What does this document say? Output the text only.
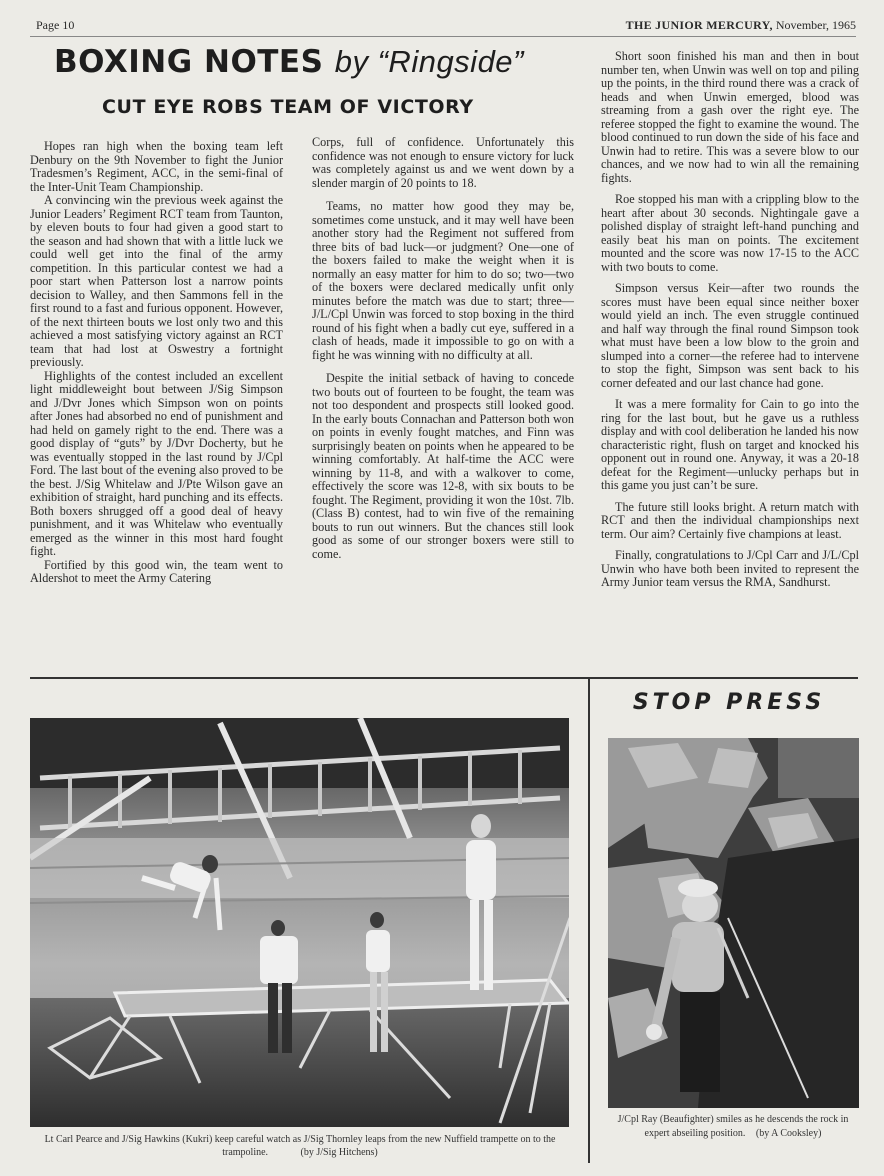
Page 10	THE JUNIOR MERCURY, November, 1965
BOXING NOTES by “Ringside”
CUT EYE ROBS TEAM OF VICTORY

Hopes ran high when the boxing team left Denbury on the 9th November to fight the Junior Tradesmen’s Regiment, ACC, in the semi-final of the Inter-Unit Team Championship.

A convincing win the previous week against the Junior Leaders’ Regiment RCT team from Taunton, by eleven bouts to four had given a good start to the season and had shown that with a little luck we could well get into the final of the army competition. In this particular contest we had a poor start when Patterson lost a narrow points decision to Walley, and then Sammons fell in the first round to a fast and furious opponent. However, of the next thirteen bouts we lost only two and this achieved a most satisfying victory against an RCT team that had lost at Oswestry a fortnight previously.

Highlights of the contest included an excellent light middleweight bout between J/Sig Simpson and J/Dvr Jones which Simpson won on points after Jones had absorbed no end of punishment and had held on gamely right to the end. There was a good display of “guts” by J/Dvr Docherty, but he was eventually stopped in the last round by J/Cpl Ford. The last bout of the evening also proved to be the best. J/Sig Whitelaw and J/Pte Wilson gave an exhibition of straight, hard punching and its effects. Both boxers shrugged off a good deal of heavy punishment, and it was Whitelaw who eventually emerged as the winner in this most hard fought fight.

Fortified by this good win, the team went to Aldershot to meet the Army Catering

Corps, full of confidence. Unfortunately this confidence was not enough to ensure victory for luck was completely against us and we went down by a slender margin of 20 points to 18.

Teams, no matter how good they may be, sometimes come unstuck, and it may well have been another story had the Regiment not suffered from three bits of bad luck—or judgment? One—one of the boxers failed to make the weight when it is normally an easy matter for him to do so; two—two of the boxers were declared medically unfit only minutes before the match was due to start; three—J/L/Cpl Unwin was forced to stop boxing in the third round of his fight when a badly cut eye, suffered in a clash of heads, made it impossible to go on with a fight he was winning with no difficulty at all.

Despite the initial setback of having to concede two bouts out of fourteen to be fought, the team was not too despondent and prospects still looked good. In the early bouts Connachan and Patterson both won on points in evenly fought matches, and Finn was surprisingly beaten on points when he appeared to be winning comfortably. At half-time the ACC were winning by 11-8, and with a walkover to come, effectively the score was 12-8, with six bouts to be fought. The Regiment, providing it won the 10st. 7lb. (Class B) contest, had to win five of the remaining bouts to run out winners. But the chances still look good as some of our stronger boxers were still to come.

Short soon finished his man and then in bout number ten, when Unwin was well on top and piling up the points, in the third round there was a crack of heads and when Unwin emerged, blood was streaming from a gash over the right eye. The referee stopped the fight to examine the wound. The blood continued to run down the side of his face and Unwin had to retire. This was a severe blow to our chances, and we now had to win all the remaining fights.

Roe stopped his man with a crippling blow to the heart after about 30 seconds. Nightingale gave a polished display of straight left-hand punching and easily beat his man on points. The excitement mounted and the score was now 17-15 to the ACC with two bouts to come.

Simpson versus Keir—after two rounds the scores must have been equal since neither boxer would yield an inch. The even struggle continued and half way through the final round Simpson took what must have been a low blow to the groin and slumped into a corner—the referee had to intervene to stop the fight, Simpson was sent back to his corner defeated and our last chance had gone.

It was a mere formality for Cain to go into the ring for the last bout, but he gave us a ruthless display and with cool deliberation he landed his now characteristic right, flush on target and knocked his opponent out in round one. Anyway, it was a 20-18 defeat for the Regiment—unlucky perhaps but in this game you just can’t be sure.

The future still looks bright. A return match with RCT and then the individual championships next term. Our aim? Certainly five champions at least.

Finally, congratulations to J/Cpl Carr and J/L/Cpl Unwin who have both been invited to represent the Army Junior team versus the RMA, Sandhurst.

STOP PRESS
Lt Carl Pearce and J/Sig Hawkins (Kukri) keep careful watch as J/Sig Thornley leaps from the new Nuffield trampette on to the trampoline.	(by J/Sig Hitchens)
J/Cpl Ray (Beaufighter) smiles as he descends the rock in expert abseiling position. (by A Cooksley)
